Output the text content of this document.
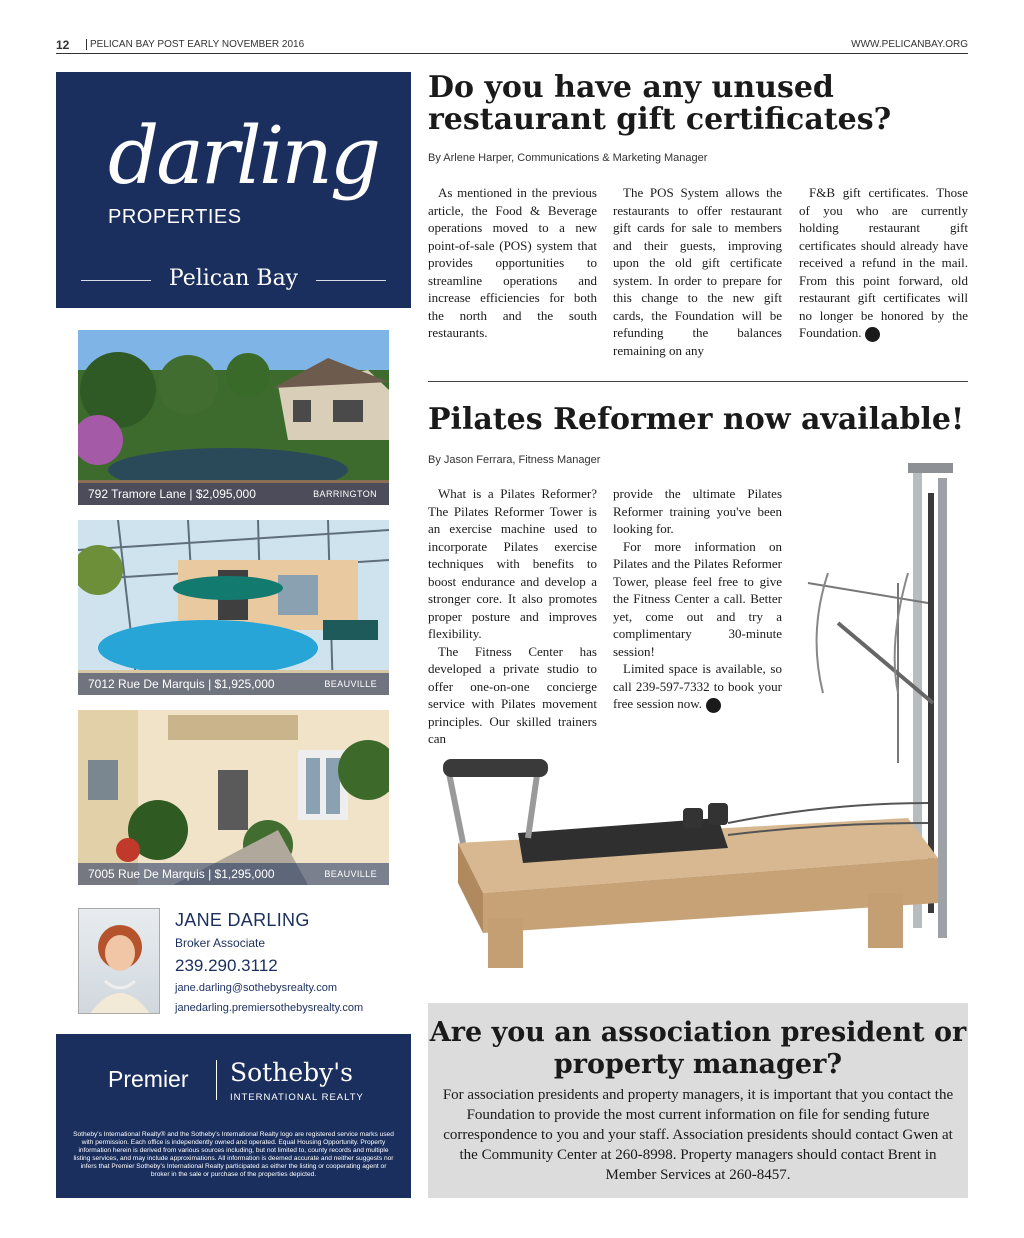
12	PELICAN BAY POST EARLY NOVEMBER 2016	WWW.PELICANBAY.ORG
darling
PROPERTIES
Pelican Bay
792 Tramore Lane | $2,095,000	BARRINGTON
7012 Rue De Marquis | $1,925,000	BEAUVILLE
7005 Rue De Marquis | $1,295,000	BEAUVILLE
JANE DARLING
Broker Associate
239.290.3112
jane.darling@sothebysrealty.com
janedarling.premiersothebysrealty.com
Premier Sotheby's
INTERNATIONAL REALTY
Sotheby's International Realty® and the Sotheby's International Realty logo are registered service marks used with permission. Each office is independently owned and operated. Equal Housing Opportunity. Property information herein is derived from various sources including, but not limited to, county records and multiple listing services, and may include approximations. All information is deemed accurate and neither suggests nor infers that Premier Sotheby's International Realty participated as either the listing or cooperating agent or broker in the sale or purchase of the properties depicted.
Do you have any unused restaurant gift certificates?
By Arlene Harper, Communications & Marketing Manager

As mentioned in the previous article, the Food & Beverage operations moved to a new point-of-sale (POS) system that provides opportunities to streamline operations and increase efficiencies for both the north and the south restaurants.

The POS System allows the restaurants to offer restaurant gift cards for sale to members and their guests, improving upon the old gift certificate system. In order to prepare for this change to the new gift cards, the Foundation will be refunding the balances remaining on any

F&B gift certificates. Those of you who are currently holding restaurant gift certificates should already have received a refund in the mail. From this point forward, old restaurant gift certificates will no longer be honored by the Foundation.

Pilates Reformer now available!
By Jason Ferrara, Fitness Manager

What is a Pilates Reformer? The Pilates Reformer Tower is an exercise machine used to incorporate Pilates exercise techniques with benefits to boost endurance and develop a stronger core. It also promotes proper posture and improves flexibility.

The Fitness Center has developed a private studio to offer one-on-one concierge service with Pilates movement principles. Our skilled trainers can

provide the ultimate Pilates Reformer training you've been looking for.

For more information on Pilates and the Pilates Reformer Tower, please feel free to give the Fitness Center a call. Better yet, come out and try a complimentary 30-minute session!

Limited space is available, so call 239-597-7332 to book your free session now.

Are you an association president or property manager?
For association presidents and property managers, it is important that you contact the Foundation to provide the most current information on file for sending future correspondence to you and your staff. Association presidents should contact Gwen at the Community Center at 260-8998. Property managers should contact Brent in Member Services at 260-8457.
